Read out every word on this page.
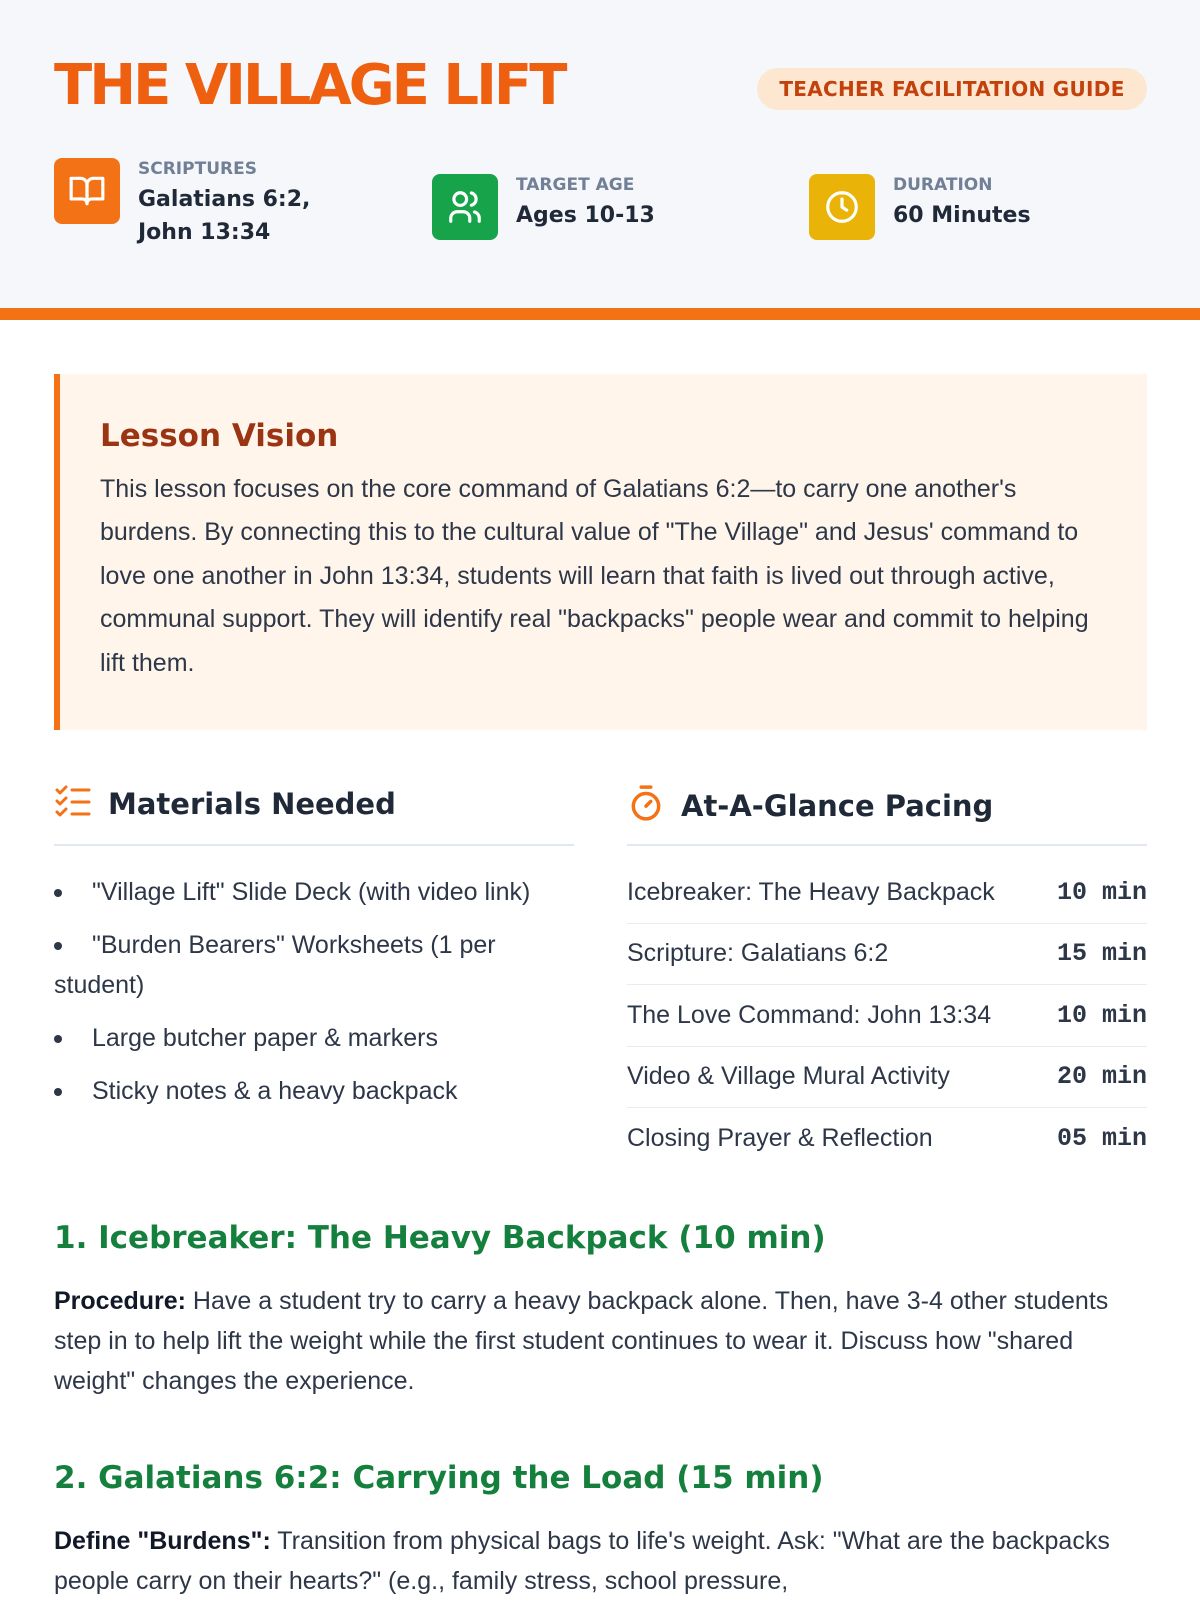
THE VILLAGE LIFT	TEACHER FACILITATION GUIDE
SCRIPTURES
Galatians 6:2, John 13:34
TARGET AGE
Ages 10-13
DURATION
60 Minutes
Lesson Vision
This lesson focuses on the core command of Galatians 6:2—to carry one another's burdens. By connecting this to the cultural value of "The Village" and Jesus' command to love one another in John 13:34, students will learn that faith is lived out through active, communal support. They will identify real "backpacks" people wear and commit to helping lift them.
Materials Needed	At-A-Glance Pacing
"Village Lift" Slide Deck (with video link)
"Burden Bearers" Worksheets (1 per student)
Large butcher paper & markers
Sticky notes & a heavy backpack
Icebreaker: The Heavy Backpack 10 min
Scripture: Galatians 6:2	15 min
The Love Command: John 13:34	10 min
Video & Village Mural Activity	20 min
Closing Prayer & Reflection	05 min
1. Icebreaker: The Heavy Backpack (10 min)
Procedure: Have a student try to carry a heavy backpack alone. Then, have 3-4 other students step in to help lift the weight while the first student continues to wear it. Discuss how "shared weight" changes the experience.
2. Galatians 6:2: Carrying the Load (15 min)
Define "Burdens": Transition from physical bags to life's weight. Ask: "What are the backpacks people carry on their hearts?" (e.g., family stress, school pressure,
